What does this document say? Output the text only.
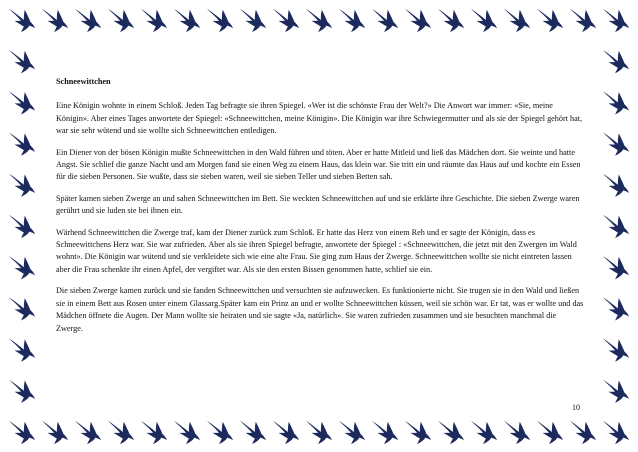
Schneewittchen

Eine Königin wohnte in einem Schloß. Jeden Tag befragte sie ihren Spiegel. «Wer ist die schönste Frau der Welt?» Die Anwort war immer: «Sie, meine Königin». Aber eines Tages anwortete der Spiegel: «Schneewittchen, meine Königin». Die Königin war ihre Schwiegermutter und als sie der Spiegel gehört hat, war sie sehr wütend und sie wollte sich Schneewittchen entledigen.

Ein Diener von der bösen Königin mußte Schneewittchen in den Wald führen und töten. Aber er hatte Mitleid und ließ das Mädchen dort. Sie weinte und hatte Angst. Sie schlief die ganze Nacht und am Morgen fand sie einen Weg zu einem Haus, das klein war. Sie tritt ein und räumte das Haus auf und kochte ein Essen für die sieben Personen. Sie wußte, dass sie sieben waren, weil sie sieben Teller und sieben Betten sah.

Später kamen sieben Zwerge an und sahen Schneewittchen im Bett. Sie weckten Schneewittchen auf und sie erklärte ihre Geschichte. Die sieben Zwerge waren gerührt und sie luden sie bei ihnen ein.

Wärhend Schneewittchen die Zwerge traf, kam der Diener zurück zum Schloß. Er hatte das Herz von einem Reh und er sagte der Königin, dass es Schneewittchens Herz war. Sie war zufrieden. Aber als sie ihren Spiegel befragte, anwortete der Spiegel : «Schneewittchen, die jetzt mit den Zwergen im Wald wohnt». Die Königin war wütend und sie verkleidete sich wie eine alte Frau. Sie ging zum Haus der Zwerge. Schneewittchen wollte sie nicht eintreten lassen aber die Frau schenkte ihr einen Apfel, der vergiftet war. Als sie den ersten Bissen genommen hatte, schlief sie ein.

Die sieben Zwerge kamen zurück und sie fanden Schneewittchen und versuchten sie aufzuwecken. Es funktionierte nicht. Sie trugen sie in den Wald und ließen sie in einem Bett aus Rosen unter einem Glassarg.Später kam ein Prinz an und er wollte Schneewittchen küssen, weil sie schön war. Er tat, was er wollte und das Mädchen öffnete die Augen. Der Mann wollte sie heiraten und sie sagte «Ja, natürlich». Sie waren zufrieden zusammen und sie besuchten manchmal die Zwerge.

10
